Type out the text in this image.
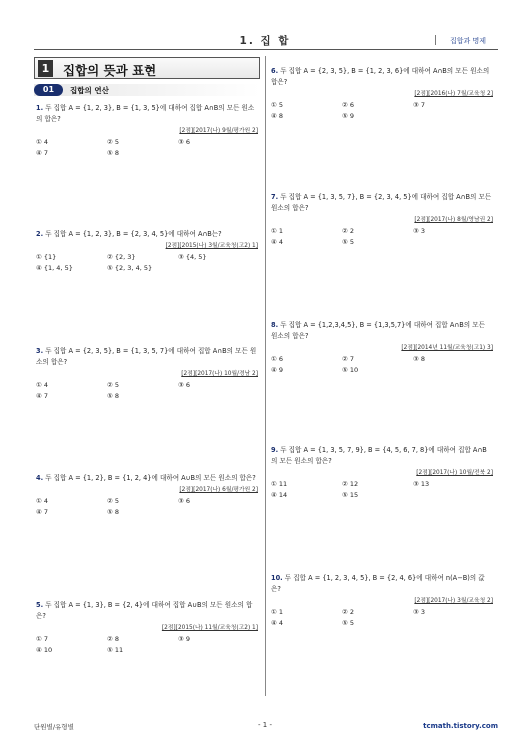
1. 집 합	집합과 명제
1 집합의 뜻과 표현
01	집합의 연산
1. 두 집합 A = {1, 2, 3}, B = {1, 3, 5}에 대하여 집합 A∩B의 모든 원소의 합은?
[2점][2017(나) 9월/평가원 2]
① 4	② 5	③ 6
④ 7	⑤ 8
2. 두 집합 A = {1, 2, 3}, B = {2, 3, 4, 5}에 대하여 A∩B는?
[2점][2015(나) 3월/교육청(고2) 1]
① {1}	② {2, 3}	③ {4, 5}
④ {1, 4, 5}	⑤ {2, 3, 4, 5}
3. 두 집합 A = {2, 3, 5}, B = {1, 3, 5, 7}에 대하여 집합 A∩B의 모든 원소의 합은?
[2점][2017(나) 10월/경남 2]
① 4	② 5	③ 6
④ 7	⑤ 8
4. 두 집합 A = {1, 2}, B = {1, 2, 4}에 대하여 A∪B의 모든 원소의 합은?
[2점][2017(나) 6월/평가원 2]
① 4	② 5	③ 6
④ 7	⑤ 8
5. 두 집합 A = {1, 3}, B = {2, 4}에 대하여 집합 A∪B의 모든 원소의 합은?
[2점][2015(나) 11월/교육청(고2) 1]
① 7	② 8	③ 9
④ 10	⑤ 11
6. 두 집합 A = {2, 3, 5}, B = {1, 2, 3, 6}에 대하여 A∩B의 모든 원소의 합은?
[2점][2016(나) 7월/교육청 2]
① 5	② 6	③ 7
④ 8	⑤ 9
7. 두 집합 A = {1, 3, 5, 7}, B = {2, 3, 4, 5}에 대하여 집합 A∩B의 모든 원소의 합은?
[2점][2017(나) 8월/영남권 2]
① 1	② 2	③ 3
④ 4	⑤ 5
8. 두 집합 A = {1,2,3,4,5}, B = {1,3,5,7}에 대하여 집합 A∩B의 모든 원소의 합은?
[2점][2014년 11월/교육청(고1) 3]
① 6	② 7	③ 8
④ 9	⑤ 10
9. 두 집합 A = {1, 3, 5, 7, 9}, B = {4, 5, 6, 7, 8}에 대하여 집합 A∩B의 모든 원소의 합은?
[2점][2017(나) 10월/전북 2]
① 11	② 12	③ 13
④ 14	⑤ 15
10. 두 집합 A = {1, 2, 3, 4, 5}, B = {2, 4, 6}에 대하여 n(A−B)의 값은?
[2점][2017(나) 3월/교육청 2]
① 1	② 2	③ 3
④ 4	⑤ 5
단원별/유형별	- 1 -	tcmath.tistory.com
